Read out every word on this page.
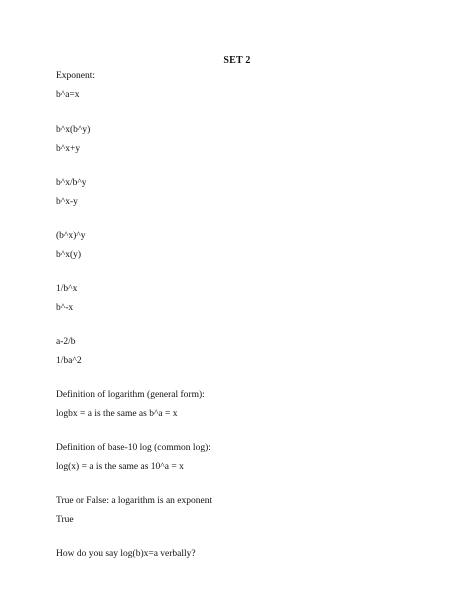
SET 2
Exponent:
b^a=x
b^x(b^y)
b^x+y
b^x/b^y
b^x-y
(b^x)^y
b^x(y)
1/b^x
b^-x
a-2/b
1/ba^2
Definition of logarithm (general form):
logbx = a is the same as b^a = x
Definition of base-10 log (common log):
log(x) = a is the same as 10^a = x
True or False: a logarithm is an exponent
True
How do you say log(b)x=a verbally?
